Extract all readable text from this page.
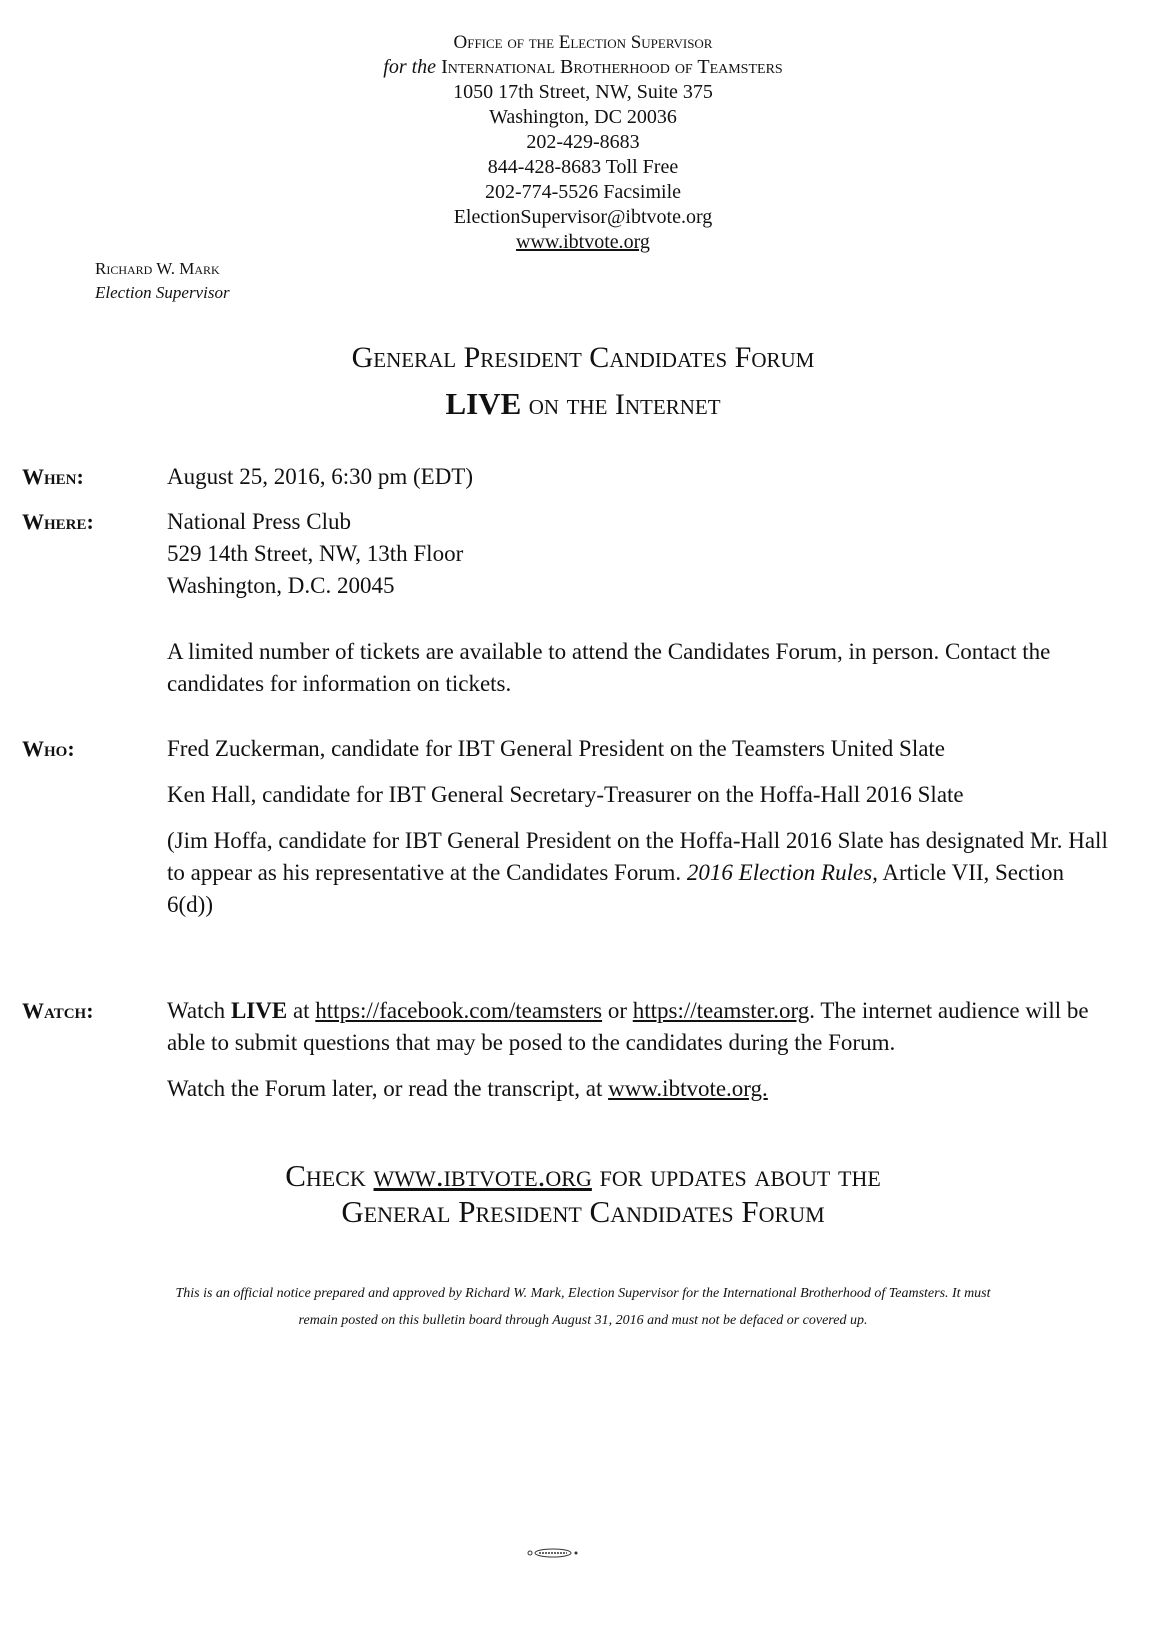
Office of the Election Supervisor
for the International Brotherhood of Teamsters
1050 17th Street, NW, Suite 375
Washington, DC 20036
202-429-8683
844-428-8683 Toll Free
202-774-5526 Facsimile
ElectionSupervisor@ibtvote.org
www.ibtvote.org
Richard W. Mark
Election Supervisor
General President Candidates Forum
LIVE on the Internet
When:	August 25, 2016, 6:30 pm (EDT)

Where:	National Press Club

529 14th Street, NW, 13th Floor

Washington, D.C. 20045

A limited number of tickets are available to attend the Candidates Forum, in person. Contact the candidates for information on tickets.

Who:	Fred Zuckerman, candidate for IBT General President on the Teamsters United Slate

Ken Hall, candidate for IBT General Secretary-Treasurer on the Hoffa-Hall 2016 Slate

(Jim Hoffa, candidate for IBT General President on the Hoffa-Hall 2016 Slate has designated Mr. Hall to appear as his representative at the Candidates Forum. 2016 Election Rules, Article VII, Section 6(d))

Watch:	Watch LIVE at https://facebook.com/teamsters or https://teamster.org. The internet audience will be able to submit questions that may be posed to the candidates during the Forum.

Watch the Forum later, or read the transcript, at www.ibtvote.org.

Check www.ibtvote.org for updates about the
General President Candidates Forum
This is an official notice prepared and approved by Richard W. Mark, Election Supervisor for the International Brotherhood of Teamsters. It must
remain posted on this bulletin board through August 31, 2016 and must not be defaced or covered up.
